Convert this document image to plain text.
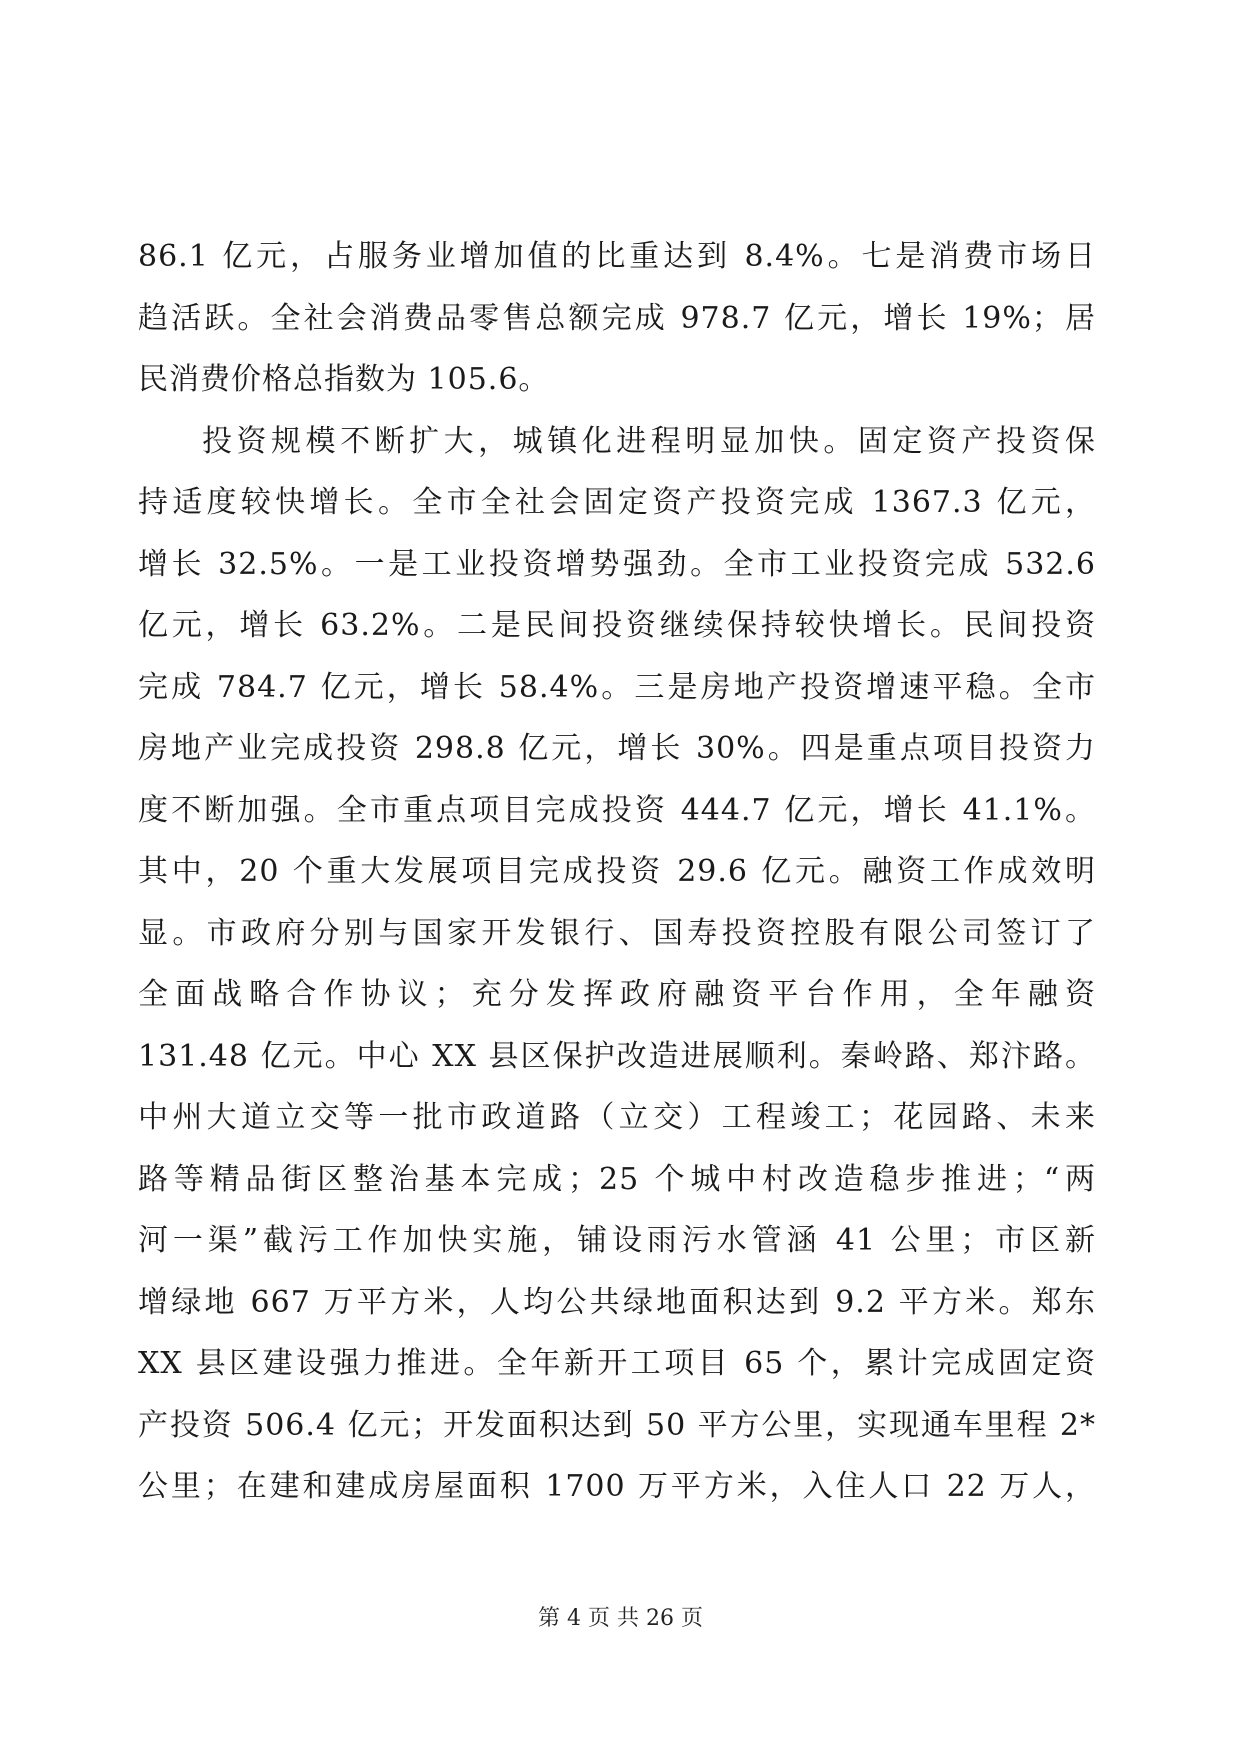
86.1 亿元，占服务业增加值的比重达到 8.4%。七是消费市场日
趋活跃。全社会消费品零售总额完成 978.7 亿元，增长 19%；居
民消费价格总指数为 105.6。
投资规模不断扩大，城镇化进程明显加快。固定资产投资保
持适度较快增长。全市全社会固定资产投资完成 1367.3 亿元，
增长 32.5%。一是工业投资增势强劲。全市工业投资完成 532.6
亿元，增长 63.2%。二是民间投资继续保持较快增长。民间投资
完成 784.7 亿元，增长 58.4%。三是房地产投资增速平稳。全市
房地产业完成投资 298.8 亿元，增长 30%。四是重点项目投资力
度不断加强。全市重点项目完成投资 444.7 亿元，增长 41.1%。
其中，20 个重大发展项目完成投资 29.6 亿元。融资工作成效明
显。市政府分别与国家开发银行、国寿投资控股有限公司签订了
全面战略合作协议；充分发挥政府融资平台作用，全年融资
131.48 亿元。中心 XX 县区保护改造进展顺利。秦岭路、郑汴路。
中州大道立交等一批市政道路（立交）工程竣工；花园路、未来
路等精品街区整治基本完成；25 个城中村改造稳步推进；“两
河一渠”截污工作加快实施，铺设雨污水管涵 41 公里；市区新
增绿地 667 万平方米，人均公共绿地面积达到 9.2 平方米。郑东
XX 县区建设强力推进。全年新开工项目 65 个，累计完成固定资
产投资 506.4 亿元；开发面积达到 50 平方公里，实现通车里程 2*
公里；在建和建成房屋面积 1700 万平方米，入住人口 22 万人，
第 4 页 共 26 页
